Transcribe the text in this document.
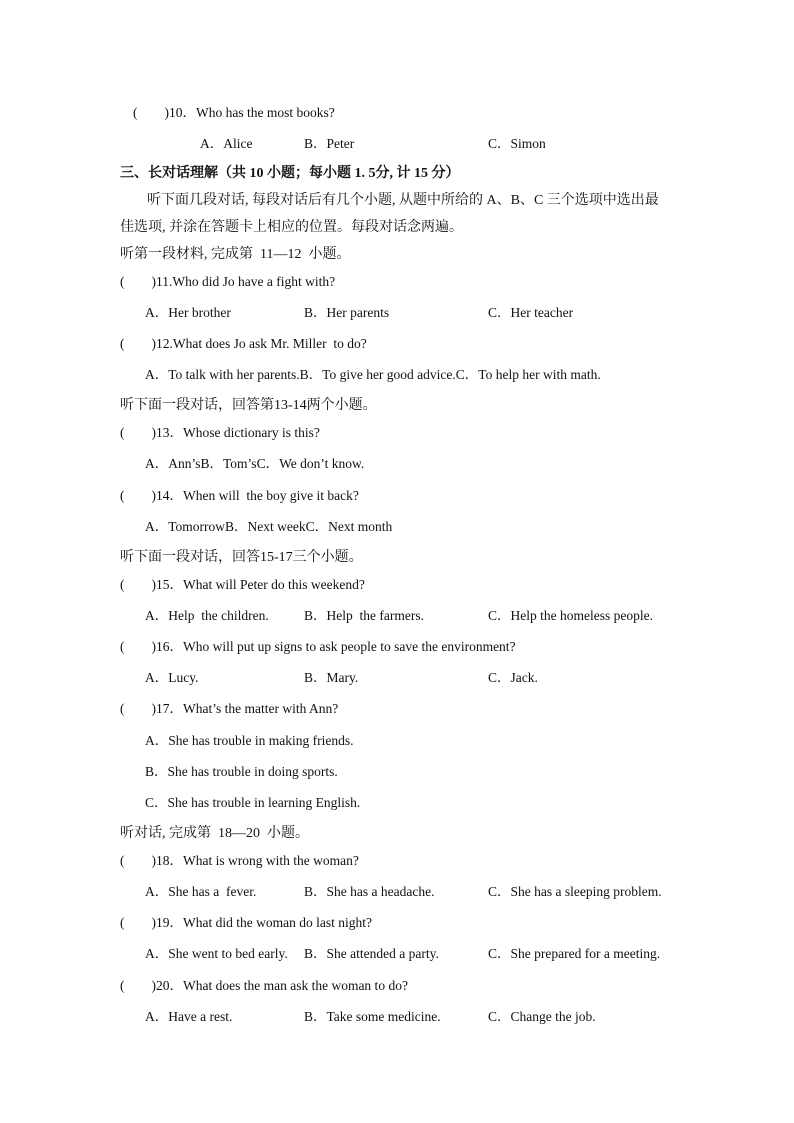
(        )10．Who has the most books?
A．Alice	B．Peter	C．Simon
三、长对话理解（共 10 小题；每小题 1. 5分, 计 15 分）
听下面几段对话, 每段对话后有几个小题, 从题中所给的 A、B、C 三个选项中选出最
佳选项, 并涂在答题卡上相应的位置。每段对话念两遍。
听第一段材料, 完成第  11—12  小题。
(        )11.Who did Jo have a fight with?
A．Her brother	B．Her parents	C．Her teacher
(        )12.What does Jo ask Mr. Miller  to do?
A．To talk with her parents.B．To give her good advice.C．To help her with math.
听下面一段对话，回答第13-14两个小题。
(        )13．Whose dictionary is this?
A．Ann’sB．Tom’sC．We don’t know.
(        )14．When will  the boy give it back?
A．TomorrowB．Next weekC．Next month
听下面一段对话，回答15-17三个小题。
(        )15．What will Peter do this weekend?
A．Help  the children.	B．Help  the farmers.	C．Help the homeless people.
(        )16．Who will put up signs to ask people to save the environment?
A．Lucy.	B．Mary.	C．Jack.
(        )17．What’s the matter with Ann?
A．She has trouble in making friends.
B．She has trouble in doing sports.
C．She has trouble in learning English.
听对话, 完成第  18—20  小题。
(        )18．What is wrong with the woman?
A．She has a  fever.	B．She has a headache.	C．She has a sleeping problem.
(        )19．What did the woman do last night?
A．She went to bed early. B．She attended a party.	C．She prepared for a meeting.
(        )20．What does the man ask the woman to do?
A．Have a rest.	B．Take some medicine.	C．Change the job.
